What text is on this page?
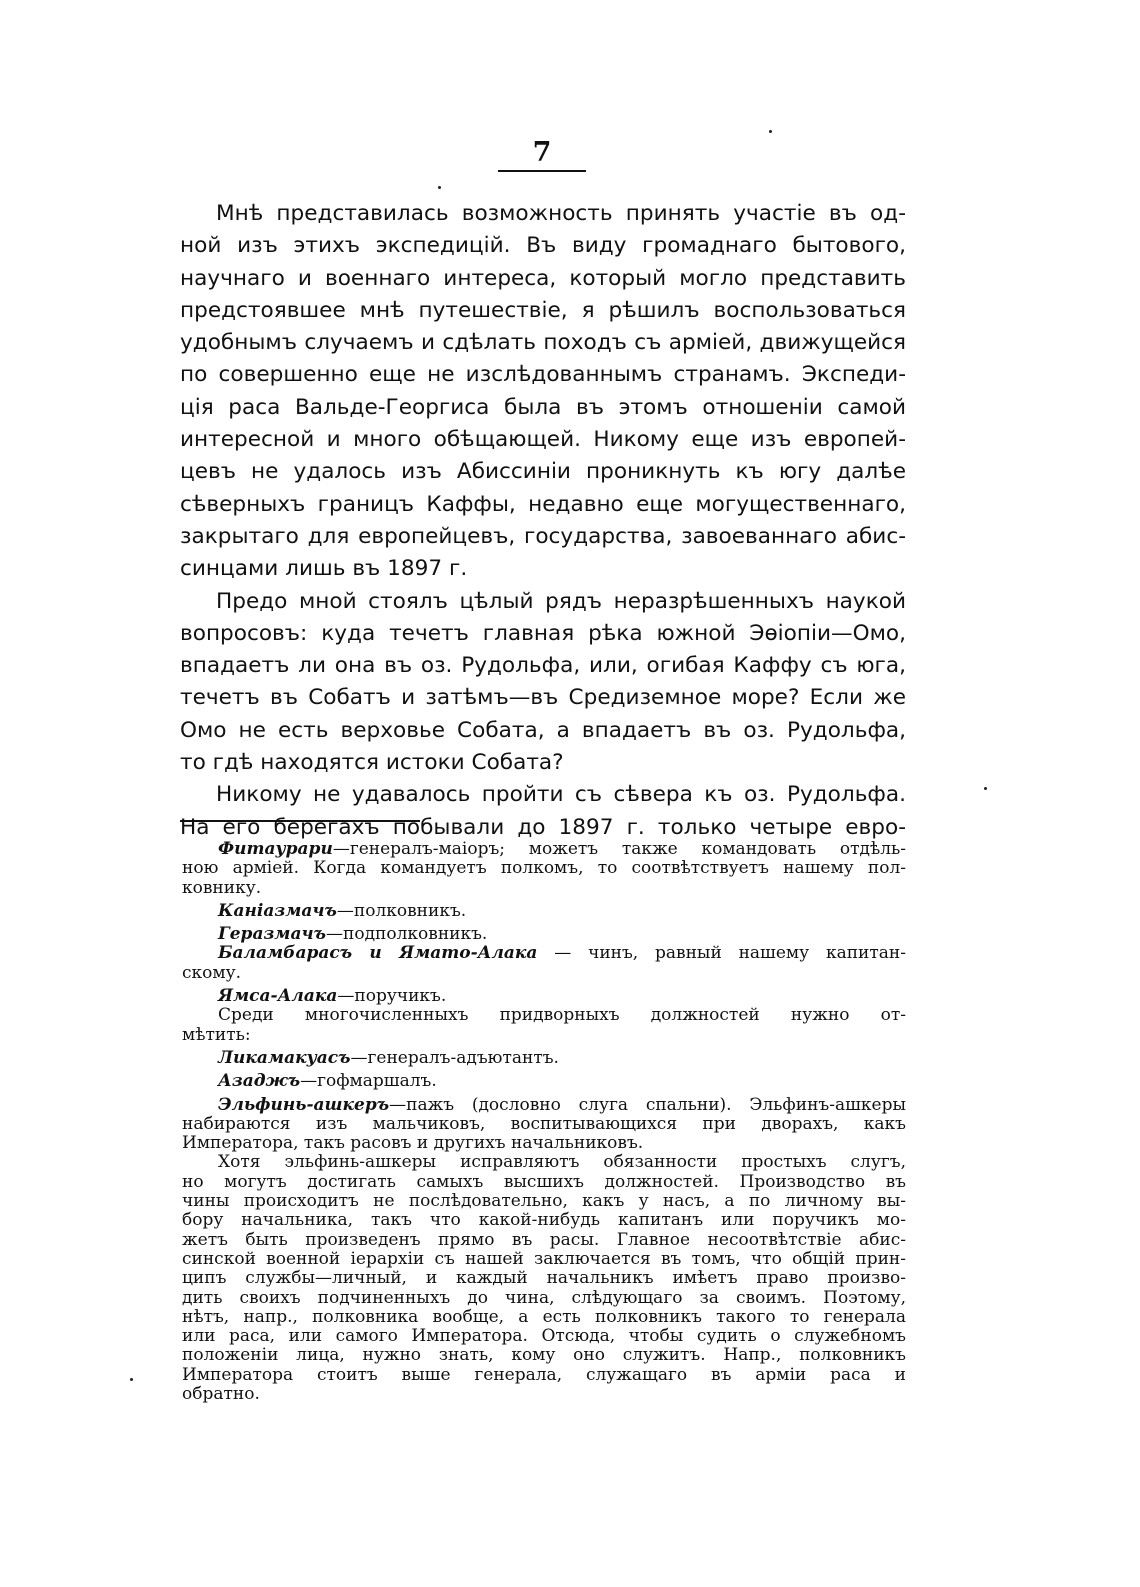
7
Мнѣ представилась возможность принять участіе въ од-
ной изъ этихъ экспедицій. Въ виду громаднаго бытового,
научнаго и военнаго интереса, который могло представить
предстоявшее мнѣ путешествіе, я рѣшилъ воспользоваться
удобнымъ случаемъ и сдѣлать походъ съ арміей, движущейся
по совершенно еще не изслѣдованнымъ странамъ. Экспеди-
ція раса Вальде-Георгиса была въ этомъ отношеніи самой
интересной и много обѣщающей. Никому еще изъ европей-
цевъ не удалось изъ Абиссиніи проникнуть къ югу далѣе
сѣверныхъ границъ Каффы, недавно еще могущественнаго,
закрытаго для европейцевъ, государства, завоеваннаго абис-
синцами лишь въ 1897 г.
Предо мной стоялъ цѣлый рядъ неразрѣшенныхъ наукой
вопросовъ: куда течетъ главная рѣка южной Эѳіопіи—Омо,
впадаетъ ли она въ оз. Рудольфа, или, огибая Каффу съ юга,
течетъ въ Собатъ и затѣмъ—въ Средиземное море? Если же
Омо не есть верховье Собата, а впадаетъ въ оз. Рудольфа,
то гдѣ находятся истоки Собата?
Никому не удавалось пройти съ сѣвера къ оз. Рудольфа.
На его берегахъ побывали до 1897 г. только четыре евро-
Фитаурари—генералъ-маіоръ; можетъ также командовать отдѣль-
ною арміей. Когда командуетъ полкомъ, то соотвѣтствуетъ нашему пол-
ковнику.
Каніазмачъ—полковникъ.
Геразмачъ—подполковникъ.
Баламбарасъ и Ямато-Алака — чинъ, равный нашему капитан-
скому.
Ямса-Алака—поручикъ.
Среди многочисленныхъ придворныхъ должностей нужно от-
мѣтить:
Ликамакуасъ—генералъ-адъютантъ.
Азаджъ—гофмаршалъ.
Эльфинь-ашкеръ—пажъ (дословно слуга спальни). Эльфинъ-ашкеры
набираются изъ мальчиковъ, воспитывающихся при дворахъ, какъ
Императора, такъ расовъ и другихъ начальниковъ.
Хотя эльфинь-ашкеры исправляютъ обязанности простыхъ слугъ,
но могутъ достигать самыхъ высшихъ должностей. Производство въ
чины происходитъ не послѣдовательно, какъ у насъ, а по личному вы-
бору начальника, такъ что какой-нибудь капитанъ или поручикъ мо-
жетъ быть произведенъ прямо въ расы. Главное несоотвѣтствіе абис-
синской военной іерархіи съ нашей заключается въ томъ, что общій прин-
ципъ службы—личный, и каждый начальникъ имѣетъ право произво-
дить своихъ подчиненныхъ до чина, слѣдующаго за своимъ. Поэтому,
нѣтъ, напр., полковника вообще, а есть полковникъ такого то генерала
или раса, или самого Императора. Отсюда, чтобы судить о служебномъ
положеніи лица, нужно знать, кому оно служитъ. Напр., полковникъ
Императора стоитъ выше генерала, служащаго въ арміи раса и
обратно.
